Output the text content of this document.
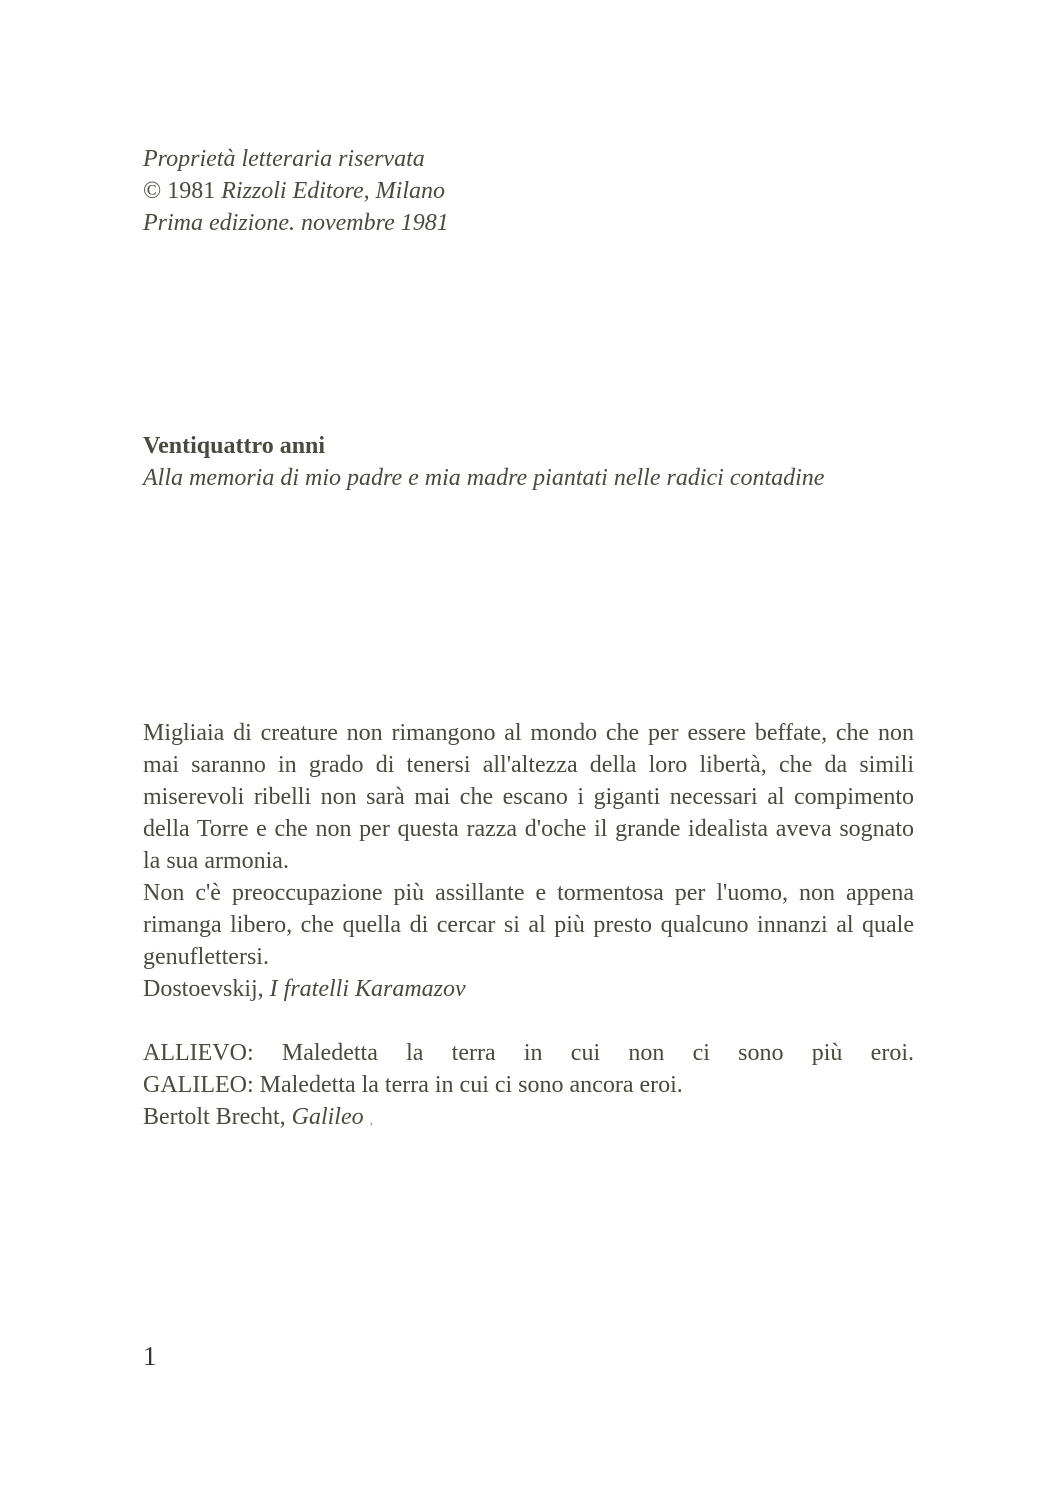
Proprietà letteraria riservata
© 1981 Rizzoli Editore, Milano
Prima edizione. novembre 1981
Ventiquattro anni
Alla memoria di mio padre e mia madre piantati nelle radici contadine
Migliaia di creature non rimangono al mondo che per essere beffate, che non mai saranno in grado di tenersi all'altezza della loro libertà, che da simili miserevoli ribelli non sarà mai che escano i giganti necessari al compimento della Torre e che non per questa razza d'oche il grande idealista aveva sognato la sua armonia.
Non c'è preoccupazione più assillante e tormentosa per l'uomo, non appena rimanga libero, che quella di cercar si al più presto qualcuno innanzi al quale genuflettersi.
Dostoevskij, I fratelli Karamazov
ALLIEVO: Maledetta la terra in cui non ci sono più eroi.
GALILEO: Maledetta la terra in cui ci sono ancora eroi.
Bertolt Brecht, Galileo ,
1
